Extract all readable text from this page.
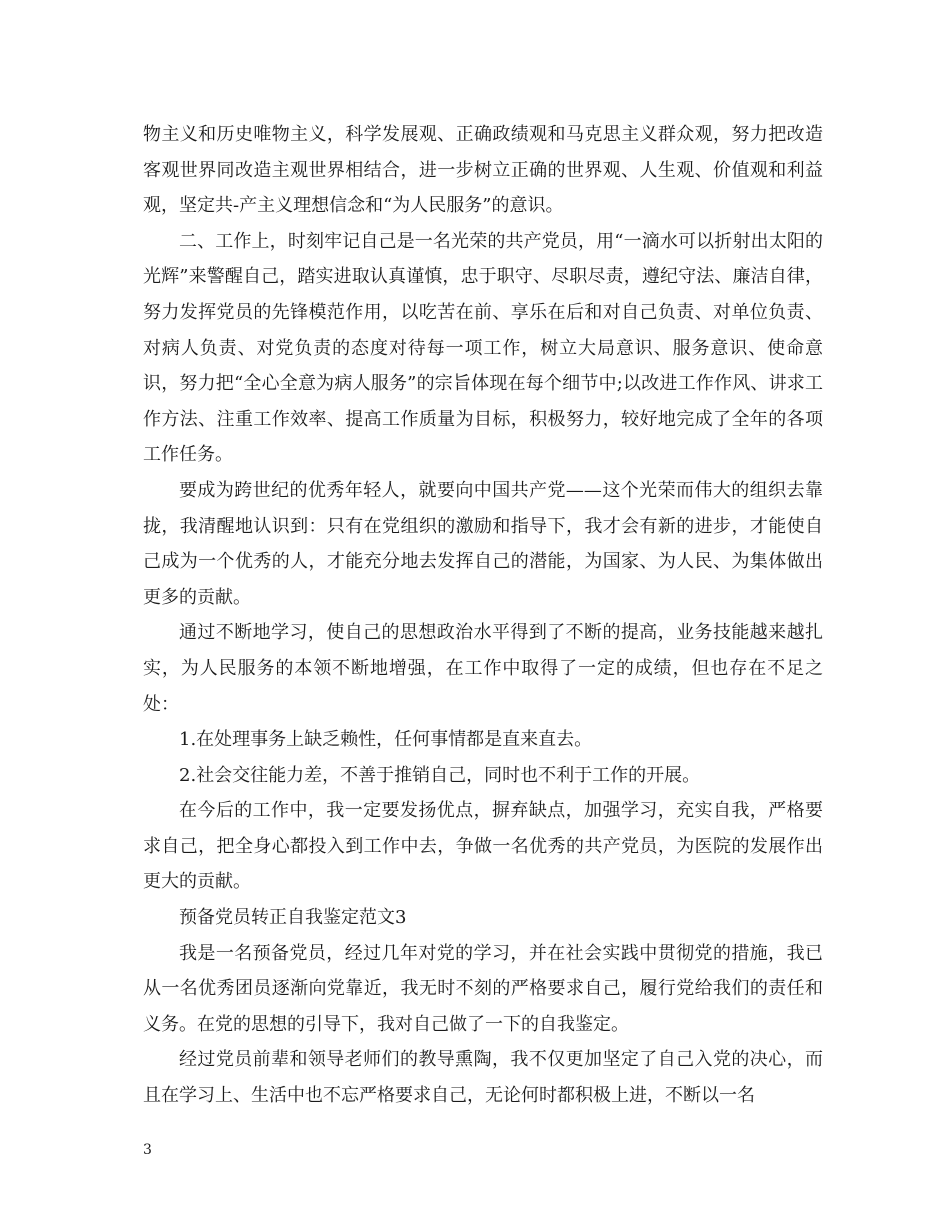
物主义和历史唯物主义，科学发展观、正确政绩观和马克思主义群众观，努力把改造客观世界同改造主观世界相结合，进一步树立正确的世界观、人生观、价值观和利益观，坚定共-产主义理想信念和“为人民服务”的意识。

二、工作上，时刻牢记自己是一名光荣的共产党员，用“一滴水可以折射出太阳的光辉”来警醒自己，踏实进取认真谨慎，忠于职守、尽职尽责，遵纪守法、廉洁自律，努力发挥党员的先锋模范作用，以吃苦在前、享乐在后和对自己负责、对单位负责、对病人负责、对党负责的态度对待每一项工作，树立大局意识、服务意识、使命意识，努力把“全心全意为病人服务”的宗旨体现在每个细节中;以改进工作作风、讲求工作方法、注重工作效率、提高工作质量为目标，积极努力，较好地完成了全年的各项工作任务。

要成为跨世纪的优秀年轻人，就要向中国共产党——这个光荣而伟大的组织去靠拢，我清醒地认识到：只有在党组织的激励和指导下，我才会有新的进步，才能使自己成为一个优秀的人，才能充分地去发挥自己的潜能，为国家、为人民、为集体做出更多的贡献。

通过不断地学习，使自己的思想政治水平得到了不断的提高，业务技能越来越扎实，为人民服务的本领不断地增强，在工作中取得了一定的成绩，但也存在不足之处：

1.在处理事务上缺乏赖性，任何事情都是直来直去。

2.社会交往能力差，不善于推销自己，同时也不利于工作的开展。

在今后的工作中，我一定要发扬优点，摒弃缺点，加强学习，充实自我，严格要求自己，把全身心都投入到工作中去，争做一名优秀的共产党员，为医院的发展作出更大的贡献。

预备党员转正自我鉴定范文3

我是一名预备党员，经过几年对党的学习，并在社会实践中贯彻党的措施，我已从一名优秀团员逐渐向党靠近，我无时不刻的严格要求自己，履行党给我们的责任和义务。在党的思想的引导下，我对自己做了一下的自我鉴定。

经过党员前辈和领导老师们的教导熏陶，我不仅更加坚定了自己入党的决心，而且在学习上、生活中也不忘严格要求自己，无论何时都积极上进，不断以一名

3
